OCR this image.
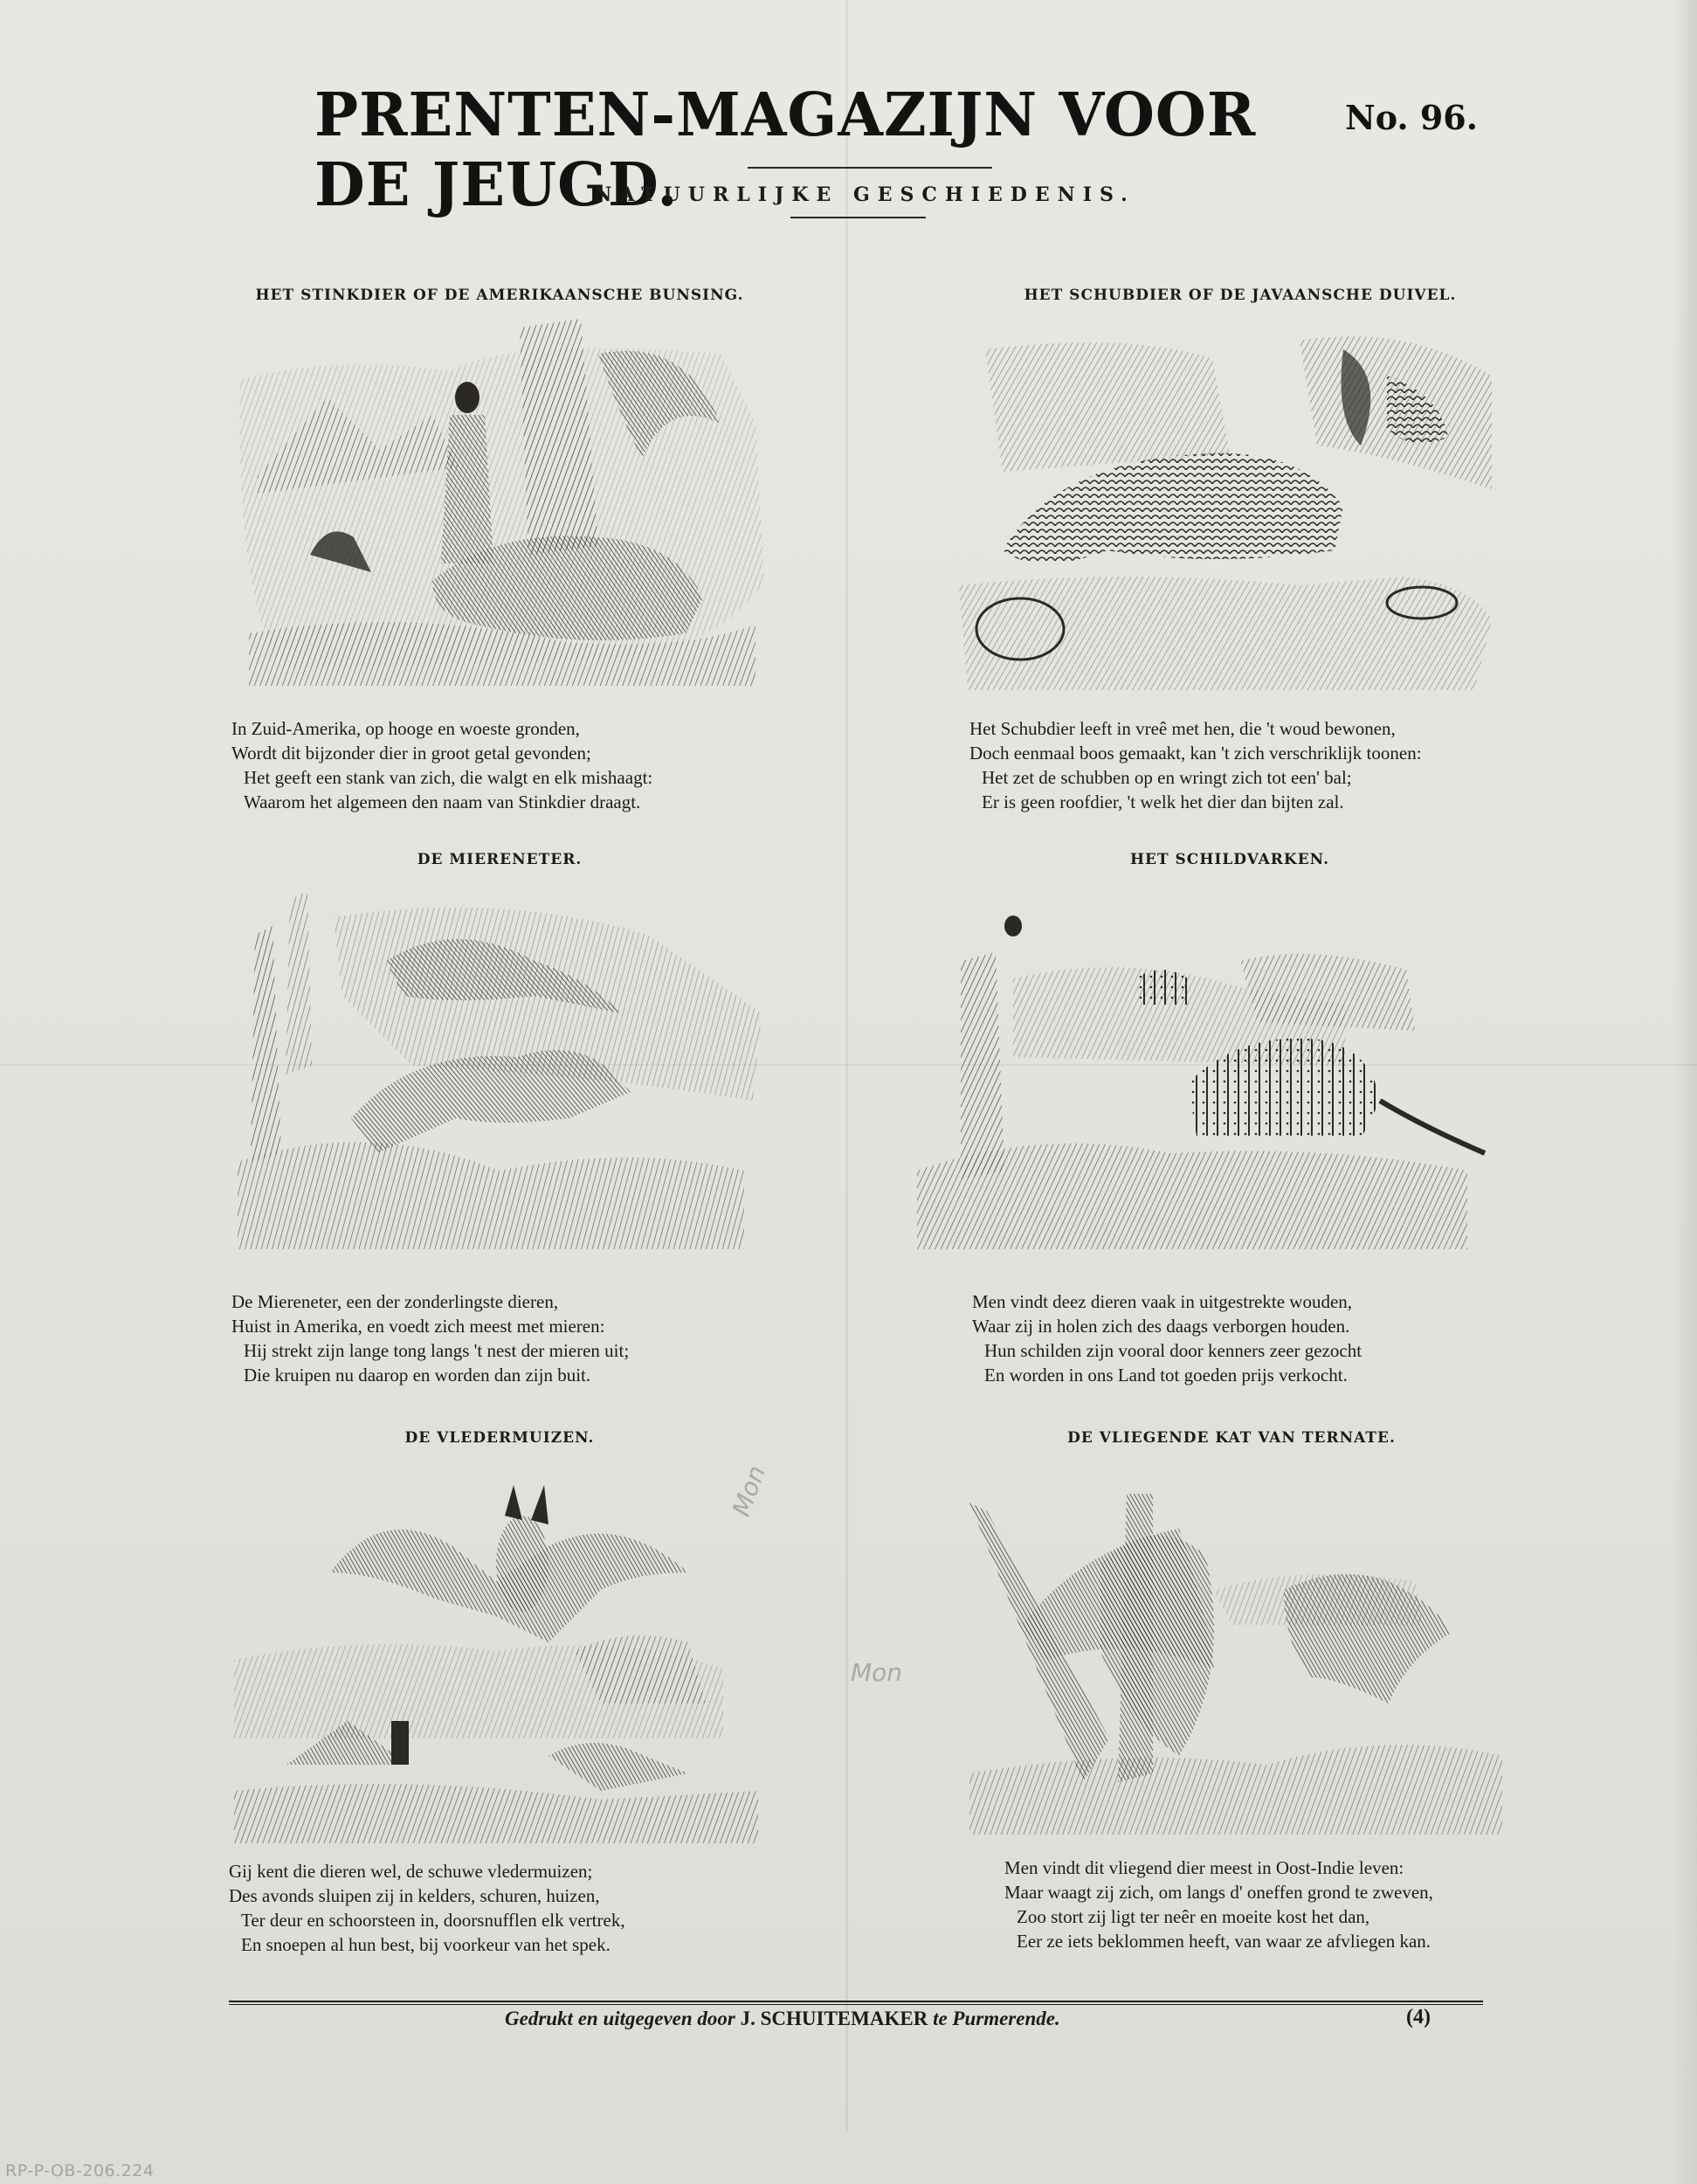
PRENTEN-MAGAZIJN VOOR DE JEUGD.
No. 96.
NATUURLIJKE GESCHIEDENIS.
HET STINKDIER OF DE AMERIKAANSCHE BUNSING.
In Zuid-Amerika, op hooge en woeste gronden,
Wordt dit bijzonder dier in groot getal gevonden;
Het geeft een stank van zich, die walgt en elk mishaagt:
Waarom het algemeen den naam van Stinkdier draagt.
HET SCHUBDIER OF DE JAVAANSCHE DUIVEL.
Het Schubdier leeft in vreê met hen, die 't woud bewonen,
Doch eenmaal boos gemaakt, kan 't zich verschriklijk toonen:
Het zet de schubben op en wringt zich tot een' bal;
Er is geen roofdier, 't welk het dier dan bijten zal.
DE MIERENETER.
De Miereneter, een der zonderlingste dieren,
Huist in Amerika, en voedt zich meest met mieren:
Hij strekt zijn lange tong langs 't nest der mieren uit;
Die kruipen nu daarop en worden dan zijn buit.
HET SCHILDVARKEN.
Men vindt deez dieren vaak in uitgestrekte wouden,
Waar zij in holen zich des daags verborgen houden.
Hun schilden zijn vooral door kenners zeer gezocht
En worden in ons Land tot goeden prijs verkocht.
DE VLEDERMUIZEN.
Gij kent die dieren wel, de schuwe vledermuizen;
Des avonds sluipen zij in kelders, schuren, huizen,
Ter deur en schoorsteen in, doorsnufflen elk vertrek,
En snoepen al hun best, bij voorkeur van het spek.
DE VLIEGENDE KAT VAN TERNATE.
Men vindt dit vliegend dier meest in Oost-Indie leven:
Maar waagt zij zich, om langs d' oneffen grond te zweven,
Zoo stort zij ligt ter neêr en moeite kost het dan,
Eer ze iets beklommen heeft, van waar ze afvliegen kan.
Mon
Mon
Gedrukt en uitgegeven door J. SCHUITEMAKER te Purmerende.	(4)
RP-P-OB-206.224
